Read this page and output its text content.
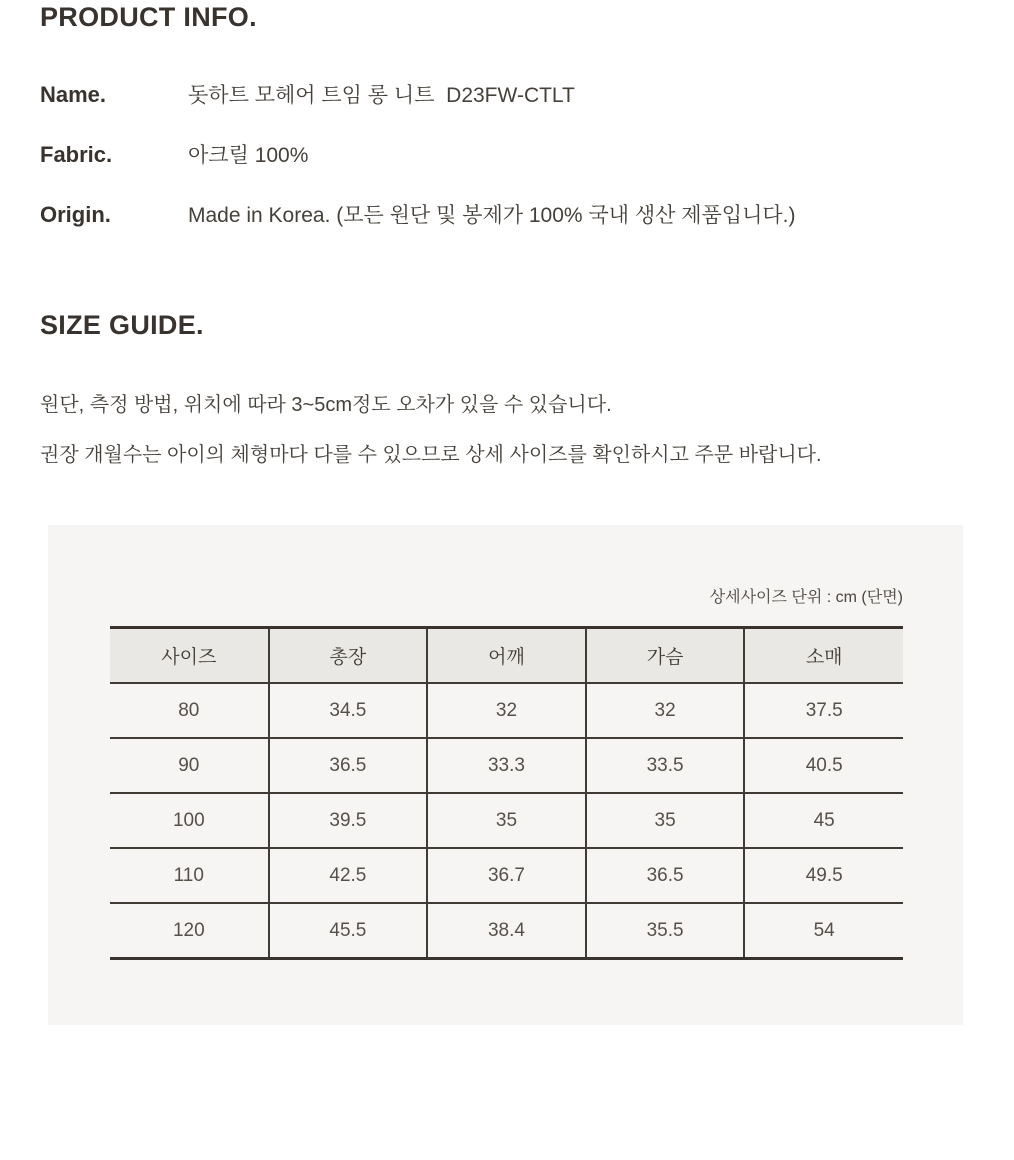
PRODUCT INFO.
Name.	돗하트 모헤어 트임 롱 니트  D23FW-CTLT
Fabric.	아크릴 100%
Origin.	Made in Korea. (모든 원단 및 봉제가 100% 국내 생산 제품입니다.)
SIZE GUIDE.

원단, 측정 방법, 위치에 따라 3~5cm정도 오차가 있을 수 있습니다.

권장 개월수는 아이의 체형마다 다를 수 있으므로 상세 사이즈를 확인하시고 주문 바랍니다.

상세사이즈 단위 : cm (단면)
사이즈	총장	어깨	가슴	소매
80	34.5	32	32	37.5
90	36.5	33.3	33.5	40.5
100	39.5	35	35	45
110	42.5	36.7	36.5	49.5
120	45.5	38.4	35.5	54
